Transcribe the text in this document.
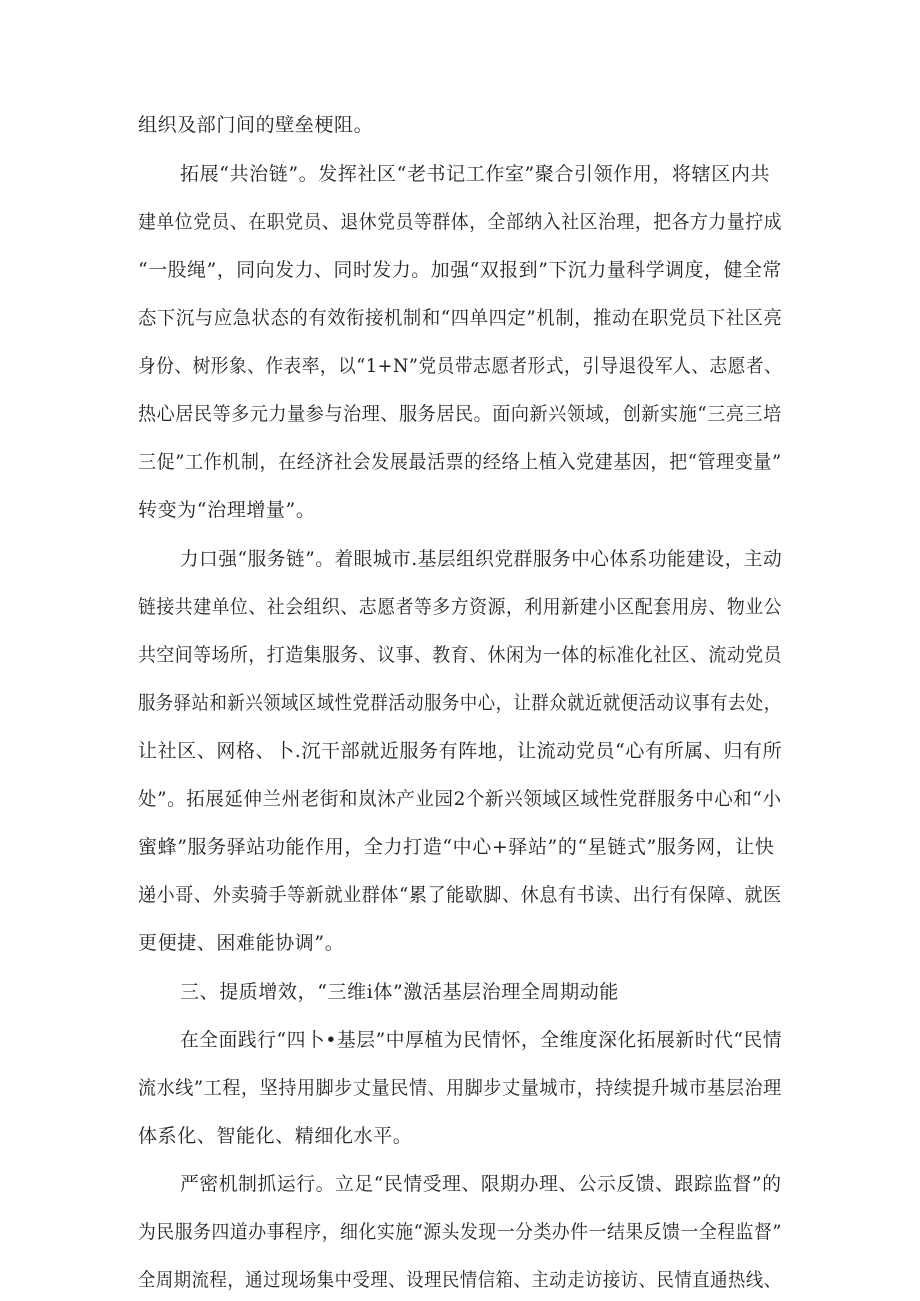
组织及部门间的壁垒梗阻。
拓展“共治链”。发挥社区“老书记工作室”聚合引领作用，将辖区内共
建单位党员、在职党员、退休党员等群体，全部纳入社区治理，把各方力量拧成
“一股绳”，同向发力、同时发力。加强“双报到”下沉力量科学调度，健全常
态下沉与应急状态的有效衔接机制和“四单四定”机制，推动在职党员下社区亮
身份、树形象、作表率，以“1+N”党员带志愿者形式，引导退役军人、志愿者、
热心居民等多元力量参与治理、服务居民。面向新兴领域，创新实施“三亮三培
三促”工作机制，在经济社会发展最活票的经络上植入党建基因，把“管理变量”
转变为“治理增量”。
力口强“服务链”。着眼城市.基层组织党群服务中心体系功能建设，主动
链接共建单位、社会组织、志愿者等多方资源，利用新建小区配套用房、物业公
共空间等场所，打造集服务、议事、教育、休闲为一体的标准化社区、流动党员
服务驿站和新兴领域区域性党群活动服务中心，让群众就近就便活动议事有去处，
让社区、网格、卜.沉干部就近服务有阵地，让流动党员“心有所属、归有所
处”。拓展延伸兰州老街和岚沐产业园2个新兴领域区域性党群服务中心和“小
蜜蜂”服务驿站功能作用，全力打造“中心+驿站”的“星链式”服务网，让快
递小哥、外卖骑手等新就业群体“累了能歇脚、休息有书读、出行有保障、就医
更便捷、困难能协调”。
三、提质增效，“三维i体”激活基层治理全周期动能
在全面践行“四卜•基层”中厚植为民情怀，全维度深化拓展新时代“民情
流水线”工程，坚持用脚步丈量民情、用脚步丈量城市，持续提升城市基层治理
体系化、智能化、精细化水平。
严密机制抓运行。立足“民情受理、限期办理、公示反馈、跟踪监督”的
为民服务四道办事程序，细化实施“源头发现一分类办件一结果反馈一全程监督”
全周期流程，通过现场集中受理、设理民情信箱、主动走访接访、民情直通热线、
